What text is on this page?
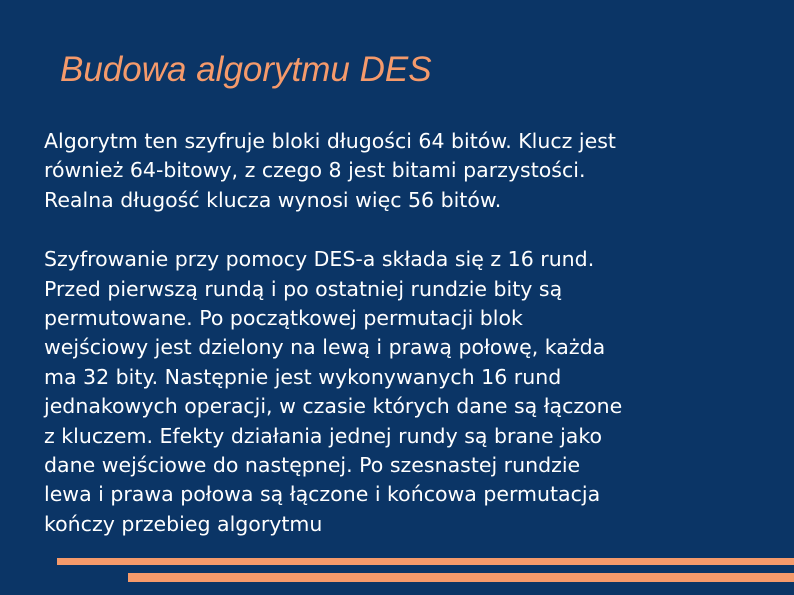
Budowa algorytmu DES

Algorytm ten szyfruje bloki długości 64 bitów. Klucz jest
również 64-bitowy, z czego 8 jest bitami parzystości.
Realna długość klucza wynosi więc 56 bitów.

Szyfrowanie przy pomocy DES-a składa się z 16 rund.
Przed pierwszą rundą i po ostatniej rundzie bity są
permutowane. Po początkowej permutacji blok
wejściowy jest dzielony na lewą i prawą połowę, każda
ma 32 bity. Następnie jest wykonywanych 16 rund
jednakowych operacji, w czasie których dane są łączone
z kluczem. Efekty działania jednej rundy są brane jako
dane wejściowe do następnej. Po szesnastej rundzie
lewa i prawa połowa są łączone i końcowa permutacja
kończy przebieg algorytmu
